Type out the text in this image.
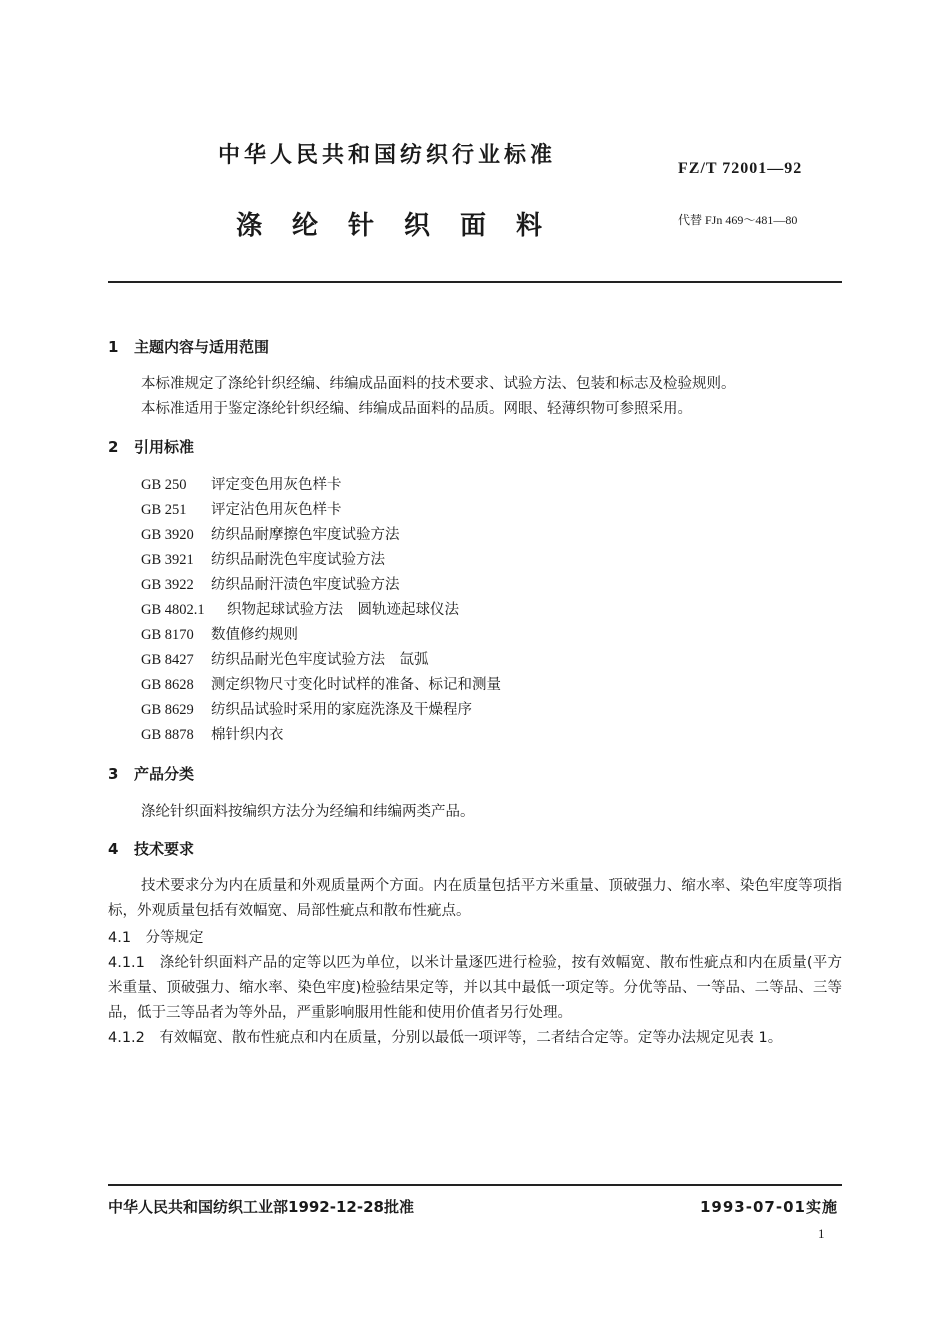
中华人民共和国纺织行业标准
FZ/T 72001—92
涤纶针织面料	代替 FJn 469～481—80
1 主题内容与适用范围
本标准规定了涤纶针织经编、纬编成品面料的技术要求、试验方法、包装和标志及检验规则。
本标准适用于鉴定涤纶针织经编、纬编成品面料的品质。网眼、轻薄织物可参照采用。
2 引用标准
GB 250 评定变色用灰色样卡
GB 251 评定沾色用灰色样卡
GB 3920 纺织品耐摩擦色牢度试验方法
GB 3921 纺织品耐洗色牢度试验方法
GB 3922 纺织品耐汗渍色牢度试验方法
GB 4802.1 织物起球试验方法　圆轨迹起球仪法
GB 8170 数值修约规则
GB 8427 纺织品耐光色牢度试验方法　氙弧
GB 8628 测定织物尺寸变化时试样的准备、标记和测量
GB 8629 纺织品试验时采用的家庭洗涤及干燥程序
GB 8878 棉针织内衣
3 产品分类
涤纶针织面料按编织方法分为经编和纬编两类产品。
4 技术要求
技术要求分为内在质量和外观质量两个方面。内在质量包括平方米重量、顶破强力、缩水率、染色牢度等项指标，外观质量包括有效幅宽、局部性疵点和散布性疵点。
4.1　分等规定
4.1.1　涤纶针织面料产品的定等以匹为单位，以米计量逐匹进行检验，按有效幅宽、散布性疵点和内在质量(平方米重量、顶破强力、缩水率、染色牢度)检验结果定等，并以其中最低一项定等。分优等品、一等品、二等品、三等品，低于三等品者为等外品，严重影响服用性能和使用价值者另行处理。
4.1.2　有效幅宽、散布性疵点和内在质量，分别以最低一项评等，二者结合定等。定等办法规定见表 1。
中华人民共和国纺织工业部1992-12-28批准	1993-07-01实施
1
